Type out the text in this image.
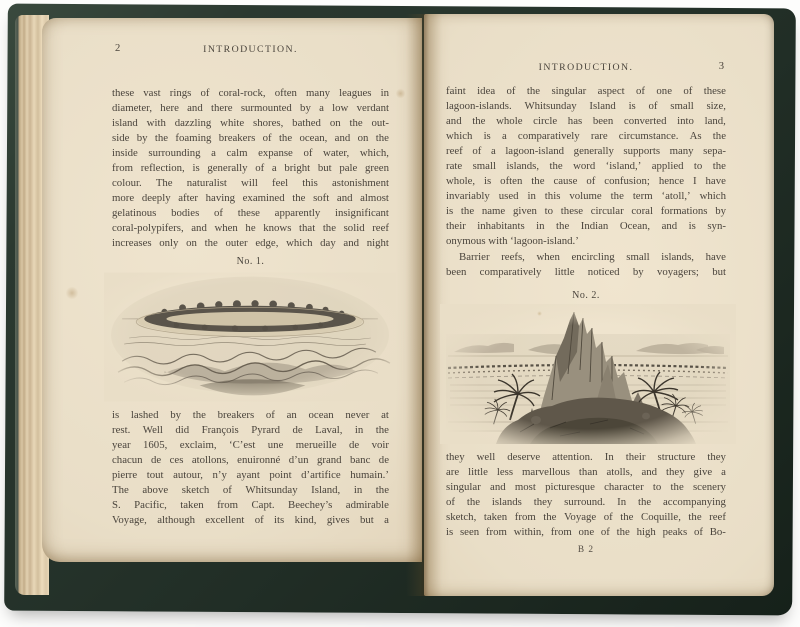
2	INTRODUCTION.
these vast rings of coral-rock, often many leagues in
diameter, here and there surmounted by a low verdant
island with dazzling white shores, bathed on the out-
side by the foaming breakers of the ocean, and on the
inside surrounding a calm expanse of water, which,
from reflection, is generally of a bright but pale green
colour. The naturalist will feel this astonishment
more deeply after having examined the soft and almost
gelatinous bodies of these apparently insignificant
coral-polypifers, and when he knows that the solid reef
increases only on the outer edge, which day and night
No. 1.
is lashed by the breakers of an ocean never at
rest. Well did François Pyrard de Laval, in the
year 1605, exclaim, ‘C’est une merueille de voir
chacun de ces atollons, enuironné d’un grand banc de
pierre tout autour, n’y ayant point d’artifice humain.’
The above sketch of Whitsunday Island, in the
S. Pacific, taken from Capt. Beechey’s admirable
Voyage, although excellent of its kind, gives but a
INTRODUCTION.	3
faint idea of the singular aspect of one of these
lagoon-islands. Whitsunday Island is of small size,
and the whole circle has been converted into land,
which is a comparatively rare circumstance. As the
reef of a lagoon-island generally supports many sepa-
rate small islands, the word ‘island,’ applied to the
whole, is often the cause of confusion; hence I have
invariably used in this volume the term ‘atoll,’ which
is the name given to these circular coral formations by
their inhabitants in the Indian Ocean, and is syn-
onymous with ‘lagoon-island.’
Barrier reefs, when encircling small islands, have
been comparatively little noticed by voyagers; but
No. 2.
they well deserve attention. In their structure they
are little less marvellous than atolls, and they give a
singular and most picturesque character to the scenery
of the islands they surround. In the accompanying
sketch, taken from the Voyage of the Coquille, the reef
is seen from within, from one of the high peaks of Bo-
B 2
